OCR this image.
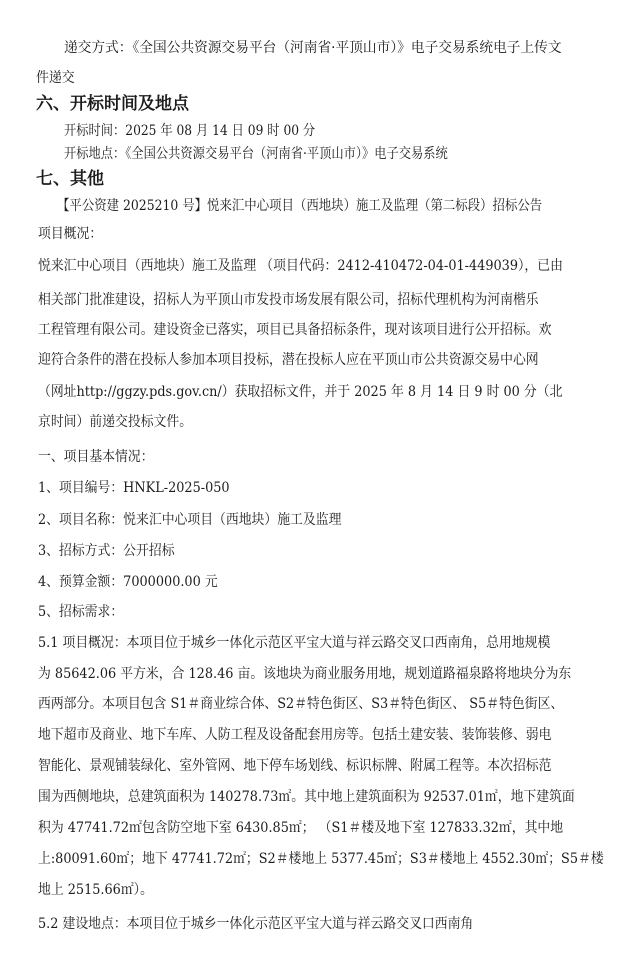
递交方式：《全国公共资源交易平台（河南省·平顶山市）》电子交易系统电子上传文

件递交

六、开标时间及地点

开标时间：2025 年 08 月 14 日 09 时 00 分

开标地点：《全国公共资源交易平台（河南省·平顶山市）》电子交易系统

七、其他

【平公资建 2025210 号】悦来汇中心项目（西地块）施工及监理（第二标段）招标公告

项目概况：

悦来汇中心项目（西地块）施工及监理 （项目代码：2412-410472-04-01-449039），已由

相关部门批准建设，招标人为平顶山市发投市场发展有限公司，招标代理机构为河南楷乐

工程管理有限公司。建设资金已落实，项目已具备招标条件，现对该项目进行公开招标。欢

迎符合条件的潜在投标人参加本项目投标，潜在投标人应在平顶山市公共资源交易中心网

（网址http://ggzy.pds.gov.cn/）获取招标文件，并于 2025 年 8 月 14 日 9 时 00 分（北

京时间）前递交投标文件。

一、项目基本情况：

1、项目编号：HNKL-2025-050

2、项目名称：悦来汇中心项目（西地块）施工及监理

3、招标方式：公开招标

4、预算金额：7000000.00 元

5、招标需求：

5.1 项目概况：本项目位于城乡一体化示范区平宝大道与祥云路交叉口西南角，总用地规模

为 85642.06 平方米，合 128.46 亩。该地块为商业服务用地，规划道路福泉路将地块分为东

西两部分。本项目包含 S1＃商业综合体、S2＃特色街区、S3＃特色街区、 S5＃特色街区、

地下超市及商业、地下车库、人防工程及设备配套用房等。包括土建安装、装饰装修、弱电

智能化、景观铺装绿化、室外管网、地下停车场划线、标识标牌、附属工程等。本次招标范

围为西侧地块，总建筑面积为 140278.73㎡。其中地上建筑面积为 92537.01㎡，地下建筑面

积为 47741.72㎡包含防空地下室 6430.85㎡； （S1＃楼及地下室 127833.32㎡，其中地

上:80091.60㎡；地下 47741.72㎡；S2＃楼地上 5377.45㎡；S3＃楼地上 4552.30㎡；S5＃楼

地上 2515.66㎡）。

5.2 建设地点：本项目位于城乡一体化示范区平宝大道与祥云路交叉口西南角
